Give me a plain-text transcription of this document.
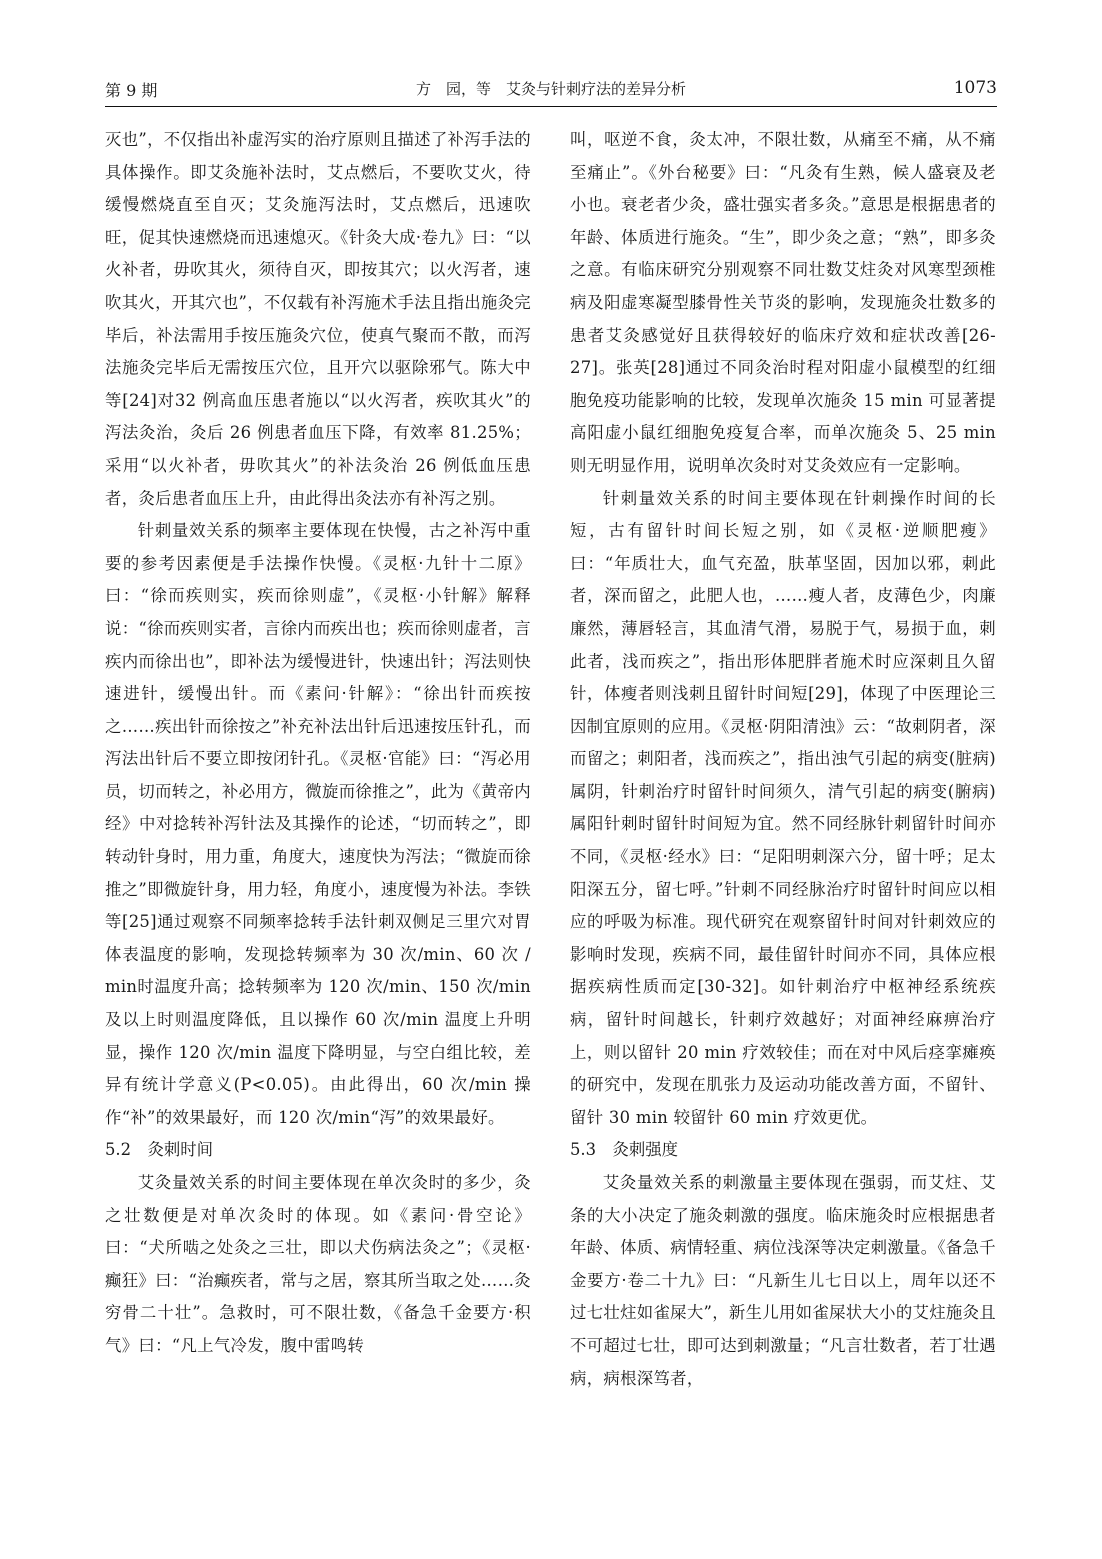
第 9 期	方　园，等　艾灸与针刺疗法的差异分析	1073

灭也”，不仅指出补虚泻实的治疗原则且描述了补泻手法的具体操作。即艾灸施补法时，艾点燃后，不要吹艾火，待缓慢燃烧直至自灭；艾灸施泻法时，艾点燃后，迅速吹旺，促其快速燃烧而迅速熄灭。《针灸大成·卷九》曰：“以火补者，毋吹其火，须待自灭，即按其穴；以火泻者，速吹其火，开其穴也”，不仅载有补泻施术手法且指出施灸完毕后，补法需用手按压施灸穴位，使真气聚而不散，而泻法施灸完毕后无需按压穴位，且开穴以驱除邪气。陈大中等[24]对32 例高血压患者施以“以火泻者，疾吹其火”的泻法灸治，灸后 26 例患者血压下降，有效率 81.25%；采用“以火补者，毋吹其火”的补法灸治 26 例低血压患者，灸后患者血压上升，由此得出灸法亦有补泻之别。

针刺量效关系的频率主要体现在快慢，古之补泻中重要的参考因素便是手法操作快慢。《灵枢·九针十二原》曰：“徐而疾则实，疾而徐则虚”，《灵枢·小针解》解释说：“徐而疾则实者，言徐内而疾出也；疾而徐则虚者，言疾内而徐出也”，即补法为缓慢进针，快速出针；泻法则快速进针，缓慢出针。而《素问·针解》：“徐出针而疾按之……疾出针而徐按之”补充补法出针后迅速按压针孔，而泻法出针后不要立即按闭针孔。《灵枢·官能》曰：“泻必用员，切而转之，补必用方，微旋而徐推之”，此为《黄帝内经》中对捻转补泻针法及其操作的论述，“切而转之”，即转动针身时，用力重，角度大，速度快为泻法；“微旋而徐推之”即微旋针身，用力轻，角度小，速度慢为补法。李铁等[25]通过观察不同频率捻转手法针刺双侧足三里穴对胃体表温度的影响，发现捻转频率为 30 次/min、60 次 / min时温度升高；捻转频率为 120 次/min、150 次/min 及以上时则温度降低，且以操作 60 次/min 温度上升明显，操作 120 次/min 温度下降明显，与空白组比较，差异有统计学意义(P<0.05)。由此得出，60 次/min 操作“补”的效果最好，而 120 次/min“泻”的效果最好。

5.2　灸刺时间

艾灸量效关系的时间主要体现在单次灸时的多少，灸之壮数便是对单次灸时的体现。如《素问·骨空论》曰：“犬所啮之处灸之三壮，即以犬伤病法灸之”；《灵枢·癫狂》曰：“治癫疾者，常与之居，察其所当取之处……灸穷骨二十壮”。急救时，可不限壮数，《备急千金要方·积气》曰：“凡上气冷发，腹中雷鸣转

叫，呕逆不食，灸太冲，不限壮数，从痛至不痛，从不痛至痛止”。《外台秘要》曰：“凡灸有生熟，候人盛衰及老小也。衰老者少灸，盛壮强实者多灸。”意思是根据患者的年龄、体质进行施灸。“生”，即少灸之意；“熟”，即多灸之意。有临床研究分别观察不同壮数艾炷灸对风寒型颈椎病及阳虚寒凝型膝骨性关节炎的影响，发现施灸壮数多的患者艾灸感觉好且获得较好的临床疗效和症状改善[26-27]。张英[28]通过不同灸治时程对阳虚小鼠模型的红细胞免疫功能影响的比较，发现单次施灸 15 min 可显著提高阳虚小鼠红细胞免疫复合率，而单次施灸 5、25 min 则无明显作用，说明单次灸时对艾灸效应有一定影响。

针刺量效关系的时间主要体现在针刺操作时间的长短，古有留针时间长短之别，如《灵枢·逆顺肥瘦》曰：“年质壮大，血气充盈，肤革坚固，因加以邪，刺此者，深而留之，此肥人也，……瘦人者，皮薄色少，肉廉廉然，薄唇轻言，其血清气滑，易脱于气，易损于血，刺此者，浅而疾之”，指出形体肥胖者施术时应深刺且久留针，体瘦者则浅刺且留针时间短[29]，体现了中医理论三因制宜原则的应用。《灵枢·阴阳清浊》云：“故刺阴者，深而留之；刺阳者，浅而疾之”，指出浊气引起的病变(脏病)属阴，针刺治疗时留针时间须久，清气引起的病变(腑病)属阳针刺时留针时间短为宜。然不同经脉针刺留针时间亦不同，《灵枢·经水》曰：“足阳明刺深六分，留十呼；足太阳深五分，留七呼。”针刺不同经脉治疗时留针时间应以相应的呼吸为标准。现代研究在观察留针时间对针刺效应的影响时发现，疾病不同，最佳留针时间亦不同，具体应根据疾病性质而定[30-32]。如针刺治疗中枢神经系统疾病，留针时间越长，针刺疗效越好；对面神经麻痹治疗上，则以留针 20 min 疗效较佳；而在对中风后痉挛瘫痪的研究中，发现在肌张力及运动功能改善方面，不留针、留针 30 min 较留针 60 min 疗效更优。

5.3　灸刺强度

艾灸量效关系的刺激量主要体现在强弱，而艾炷、艾条的大小决定了施灸刺激的强度。临床施灸时应根据患者年龄、体质、病情轻重、病位浅深等决定刺激量。《备急千金要方·卷二十九》曰：“凡新生儿七日以上，周年以还不过七壮炷如雀屎大”，新生儿用如雀屎状大小的艾炷施灸且不可超过七壮，即可达到刺激量；“凡言壮数者，若丁壮遇病，病根深笃者，
